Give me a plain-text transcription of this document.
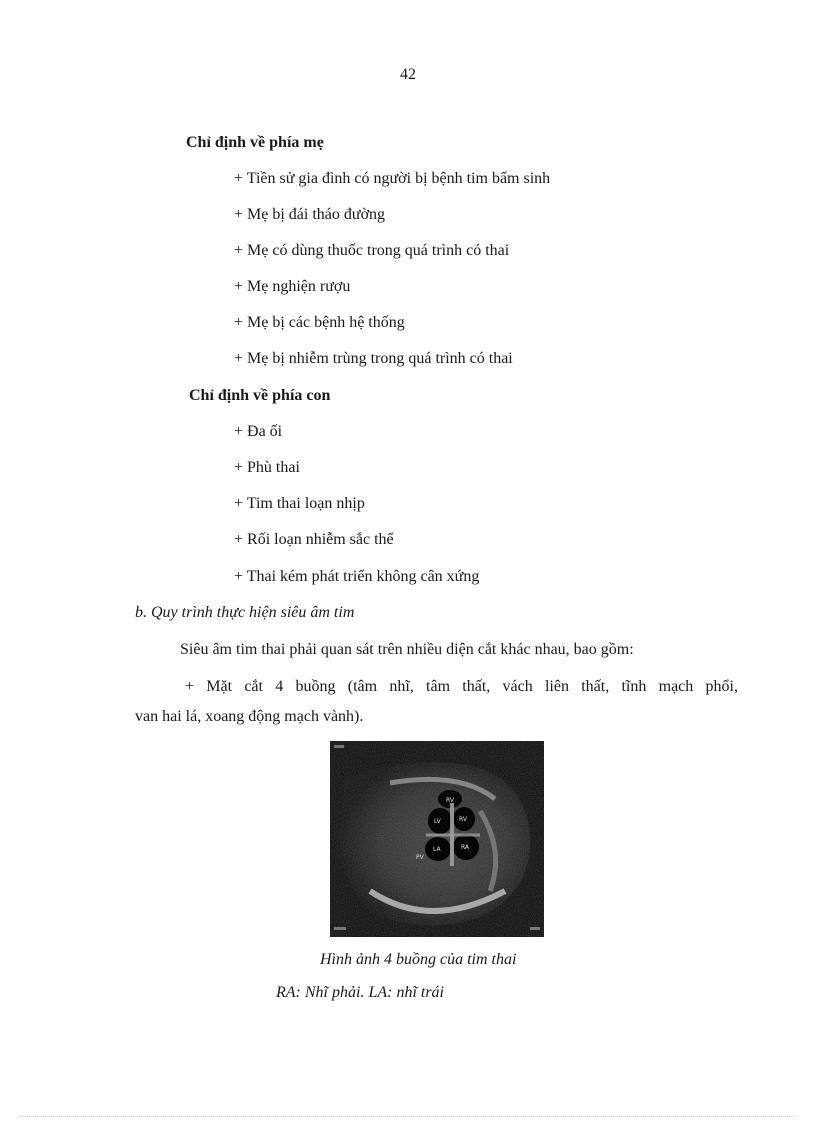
42
Chỉ định về phía mẹ
+ Tiền sử gia đình có người bị bệnh tim bẩm sinh
+ Mẹ bị đái tháo đường
+ Mẹ có dùng thuốc trong quá trình có thai
+ Mẹ nghiện rượu
+ Mẹ bị các bệnh hệ thống
+ Mẹ bị nhiễm trùng trong quá trình có thai
Chỉ định về phía con
+ Đa ối
+ Phù thai
+ Tim thai loạn nhịp
+ Rối loạn nhiễm sắc thể
+ Thai kém phát triển không cân xứng
b. Quy trình thực hiện siêu âm tim
Siêu âm tim thai phải quan sát trên nhiều diện cắt khác nhau, bao gồm:
+ Mặt cắt 4 buồng (tâm nhĩ, tâm thất, vách liên thất, tĩnh mạch phổi,
van hai lá, xoang động mạch vành).
RV
LV	RV
LA	RA
PV
Hình ảnh 4 buồng của tim thai
RA: Nhĩ phải. LA: nhĩ trái
